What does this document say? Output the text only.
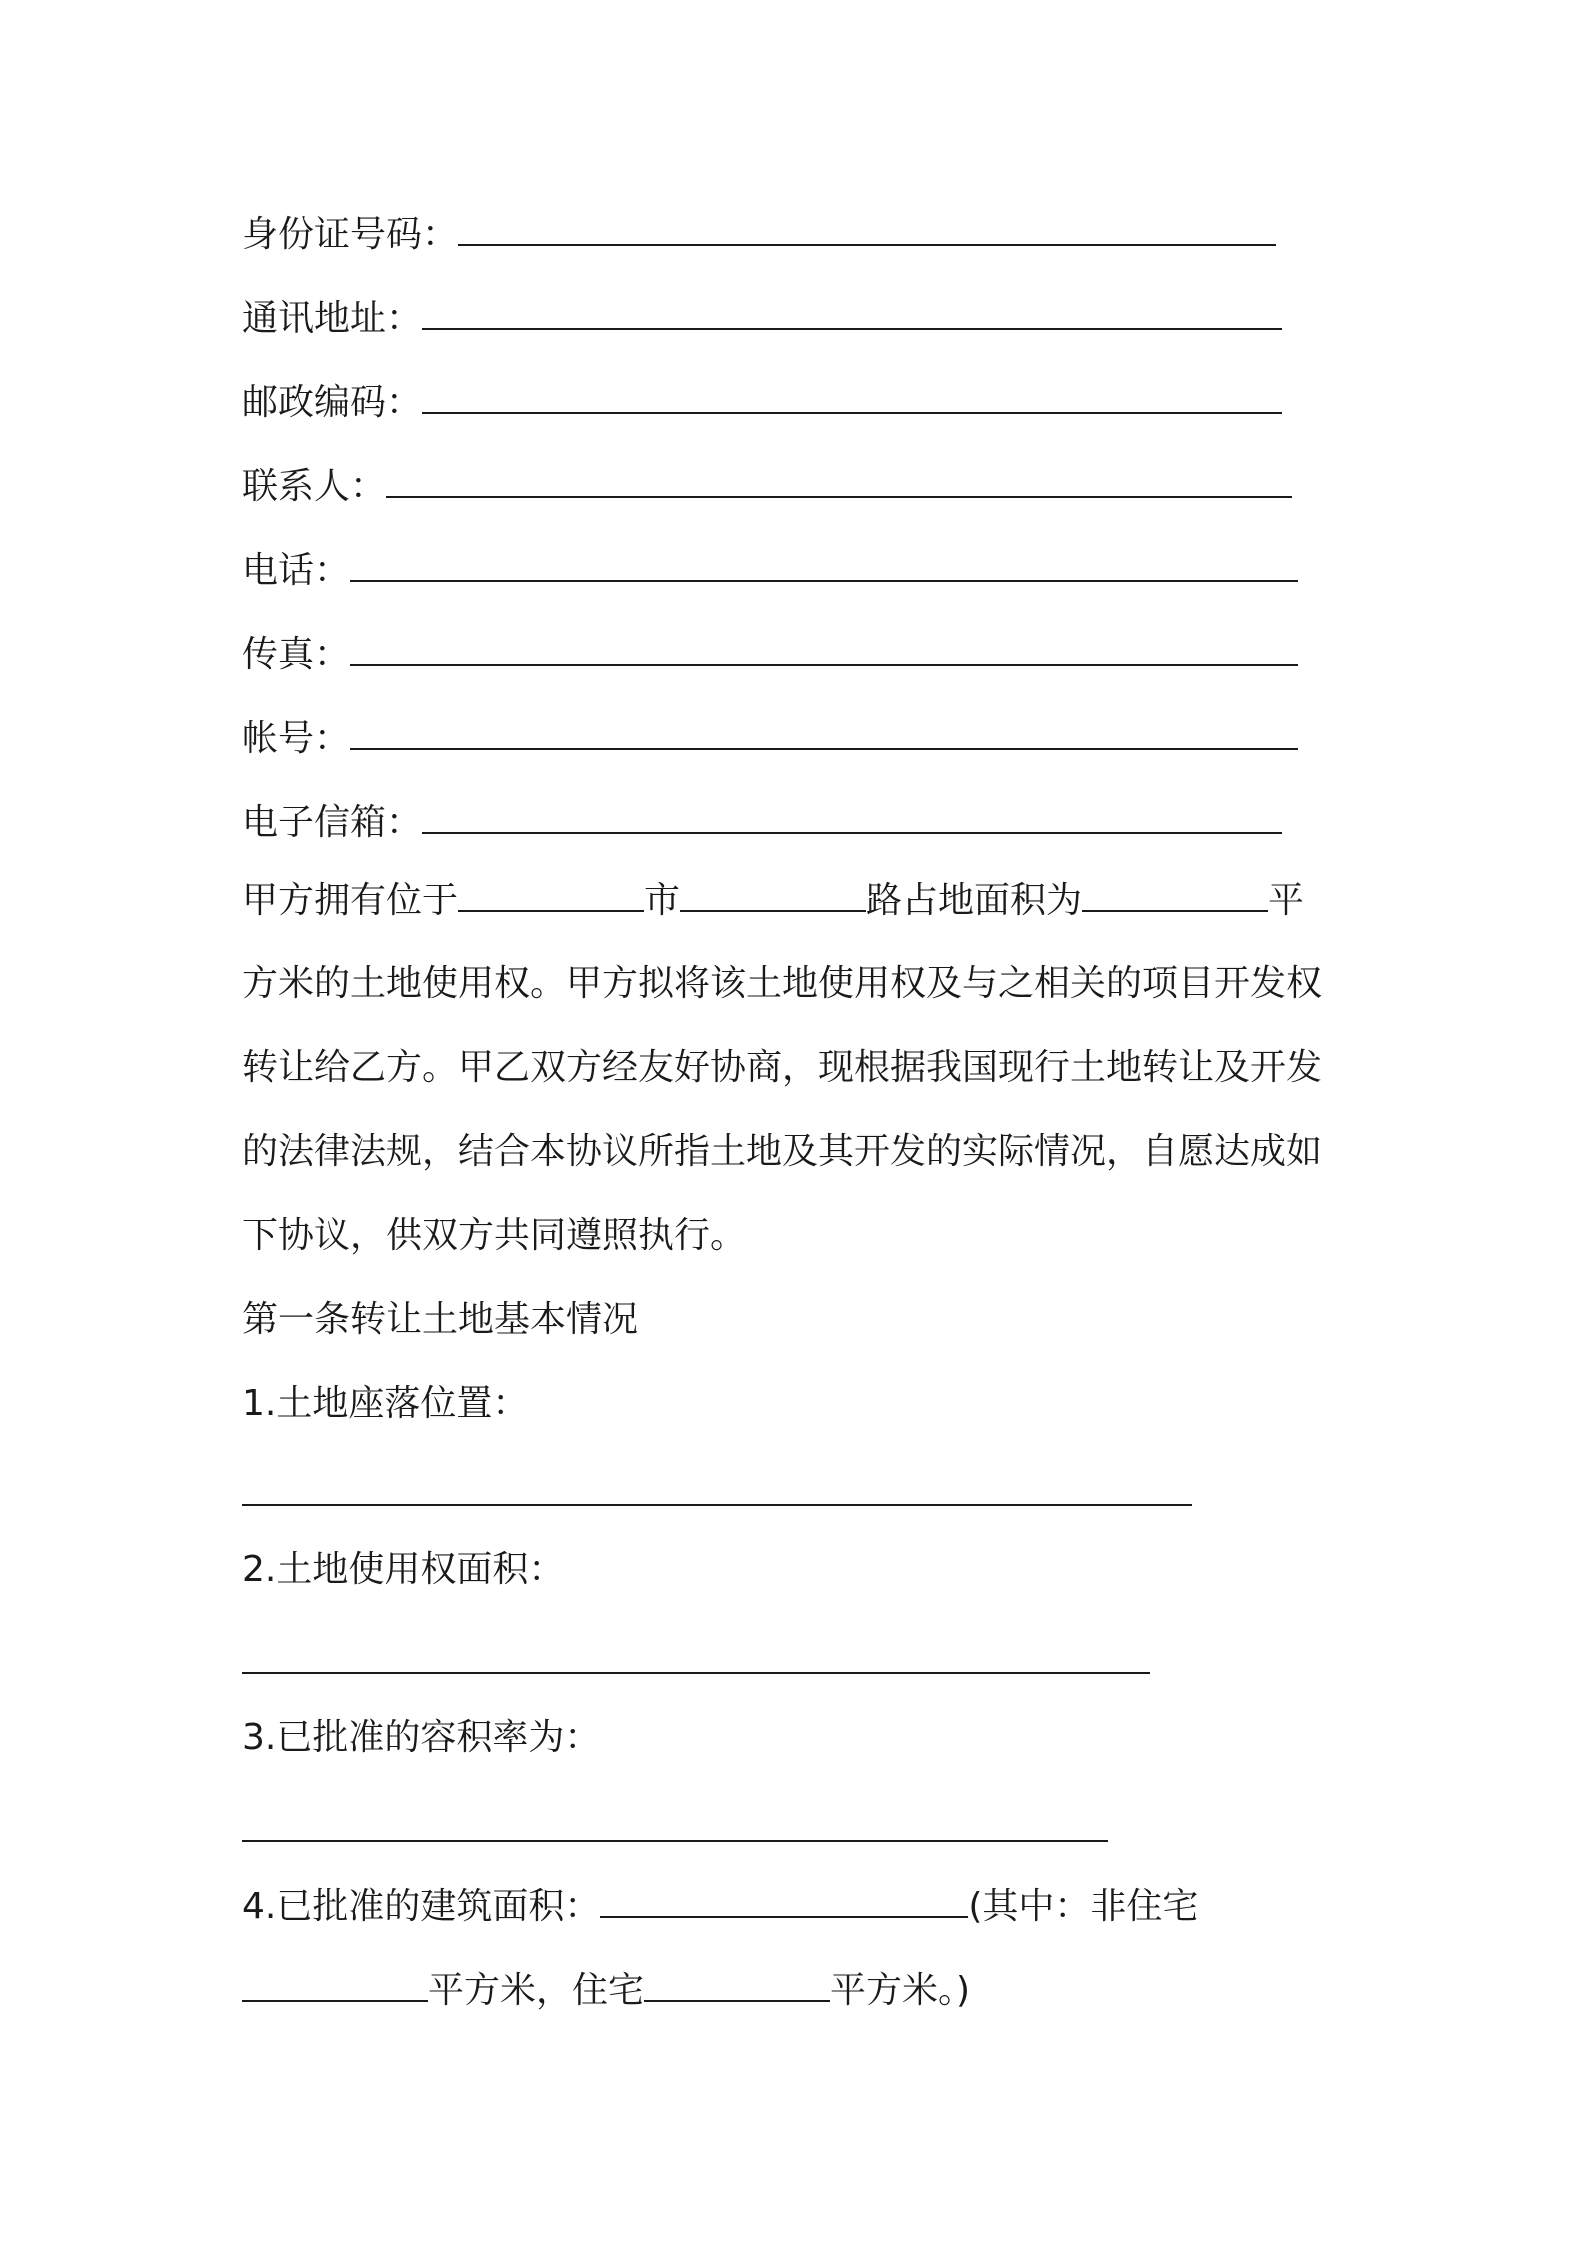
身份证号码：
通讯地址：
邮政编码：
联系人：
电话：
传真：
帐号：
电子信箱：
甲方拥有位于	市	路占地面积为	平
方米的土地使用权。甲方拟将该土地使用权及与之相关的项目开发权
转让给乙方。甲乙双方经友好协商，现根据我国现行土地转让及开发
的法律法规，结合本协议所指土地及其开发的实际情况，自愿达成如
下协议，供双方共同遵照执行。
第一条转让土地基本情况
1.土地座落位置：
2.土地使用权面积：
3.已批准的容积率为：
4.已批准的建筑面积：	(其中：非住宅
平方米，住宅	平方米。)
